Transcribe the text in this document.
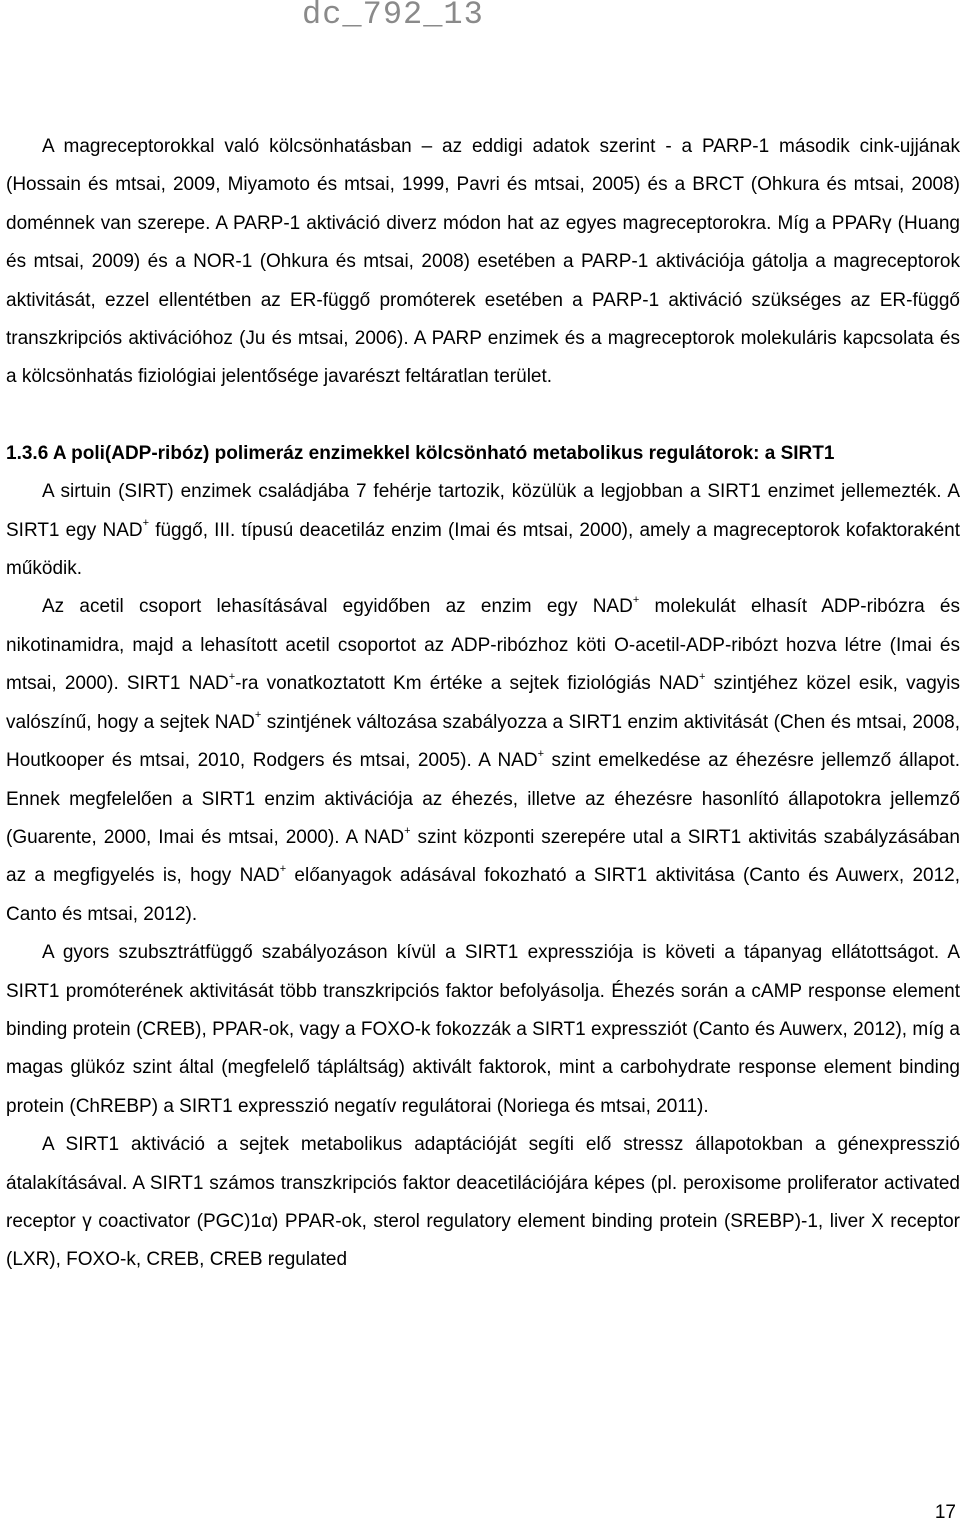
dc_792_13

A magreceptorokkal való kölcsönhatásban – az eddigi adatok szerint - a PARP-1 második cink-ujjának (Hossain és mtsai, 2009, Miyamoto és mtsai, 1999, Pavri és mtsai, 2005) és a BRCT (Ohkura és mtsai, 2008) doménnek van szerepe. A PARP-1 aktiváció diverz módon hat az egyes magreceptorokra. Míg a PPARγ (Huang és mtsai, 2009) és a NOR-1 (Ohkura és mtsai, 2008) esetében a PARP-1 aktivációja gátolja a magreceptorok aktivitását, ezzel ellentétben az ER-függő promóterek esetében a PARP-1 aktiváció szükséges az ER-függő transzkripciós aktivációhoz (Ju és mtsai, 2006). A PARP enzimek és a magreceptorok molekuláris kapcsolata és a kölcsönhatás fiziológiai jelentősége javarészt feltáratlan terület.

1.3.6 A poli(ADP-ribóz) polimeráz enzimekkel kölcsönható metabolikus regulátorok: a SIRT1

A sirtuin (SIRT) enzimek családjába 7 fehérje tartozik, közülük a legjobban a SIRT1 enzimet jellemezték. A SIRT1 egy NAD+ függő, III. típusú deacetiláz enzim (Imai és mtsai, 2000), amely a magreceptorok kofaktoraként működik.

Az acetil csoport lehasításával egyidőben az enzim egy NAD+ molekulát elhasít ADP-ribózra és nikotinamidra, majd a lehasított acetil csoportot az ADP-ribózhoz köti O-acetil-ADP-ribózt hozva létre (Imai és mtsai, 2000). SIRT1 NAD+-ra vonatkoztatott Km értéke a sejtek fiziológiás NAD+ szintjéhez közel esik, vagyis valószínű, hogy a sejtek NAD+ szintjének változása szabályozza a SIRT1 enzim aktivitását (Chen és mtsai, 2008, Houtkooper és mtsai, 2010, Rodgers és mtsai, 2005). A NAD+ szint emelkedése az éhezésre jellemző állapot. Ennek megfelelően a SIRT1 enzim aktivációja az éhezés, illetve az éhezésre hasonlító állapotokra jellemző (Guarente, 2000, Imai és mtsai, 2000). A NAD+ szint központi szerepére utal a SIRT1 aktivitás szabályzásában az a megfigyelés is, hogy NAD+ előanyagok adásával fokozható a SIRT1 aktivitása (Canto és Auwerx, 2012, Canto és mtsai, 2012).

A gyors szubsztrátfüggő szabályozáson kívül a SIRT1 expressziója is követi a tápanyag ellátottságot. A SIRT1 promóterének aktivitását több transzkripciós faktor befolyásolja. Éhezés során a cAMP response element binding protein (CREB), PPAR-ok, vagy a FOXO-k fokozzák a SIRT1 expressziót (Canto és Auwerx, 2012), míg a magas glükóz szint által (megfelelő tápláltság) aktivált faktorok, mint a carbohydrate response element binding protein (ChREBP) a SIRT1 expresszió negatív regulátorai (Noriega és mtsai, 2011).

A SIRT1 aktiváció a sejtek metabolikus adaptációját segíti elő stressz állapotokban a génexpresszió átalakításával. A SIRT1 számos transzkripciós faktor deacetilációjára képes (pl. peroxisome proliferator activated receptor γ coactivator (PGC)1α) PPAR-ok, sterol regulatory element binding protein (SREBP)-1, liver X receptor (LXR), FOXO-k, CREB, CREB regulated

17
